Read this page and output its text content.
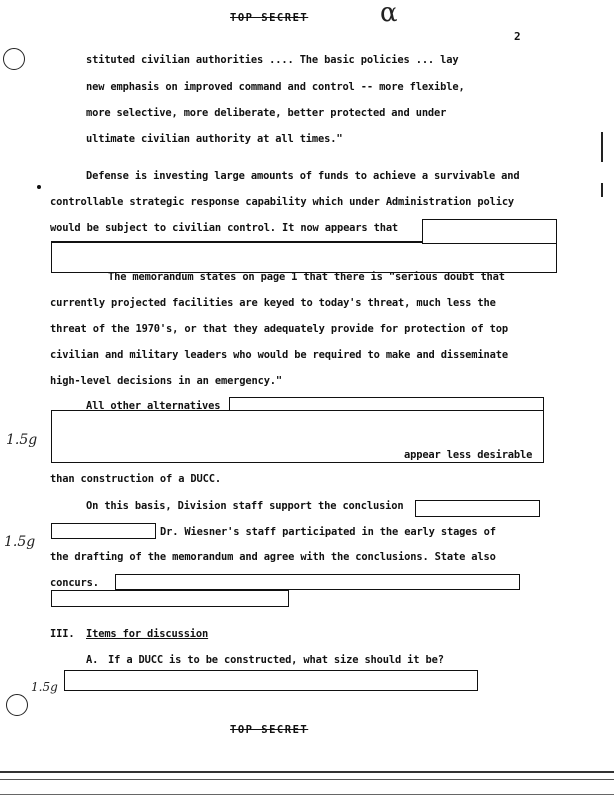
TOP SECRET	α
2
stituted civilian authorities .... The basic policies ... lay
new emphasis on improved command and control -- more flexible,
more selective, more deliberate, better protected and under
ultimate civilian authority at all times."
Defense is investing large amounts of funds to achieve a survivable and
controllable strategic response capability which under Administration policy
would be subject to civilian control. It now appears that
The memorandum states on page 1 that there is "serious doubt that
currently projected facilities are keyed to today's threat, much less the
threat of the 1970's, or that they adequately provide for protection of top
civilian and military leaders who would be required to make and disseminate
high-level decisions in an emergency."
All other alternatives
appear less desirable
than construction of a DUCC.
1.5g
On this basis, Division staff support the conclusion
Dr. Wiesner's staff participated in the early stages of
the drafting of the memorandum and agree with the conclusions. State also
concurs.
1.5g
III. Items for discussion
A. If a DUCC is to be constructed, what size should it be?
1.5g
TOP SECRET
